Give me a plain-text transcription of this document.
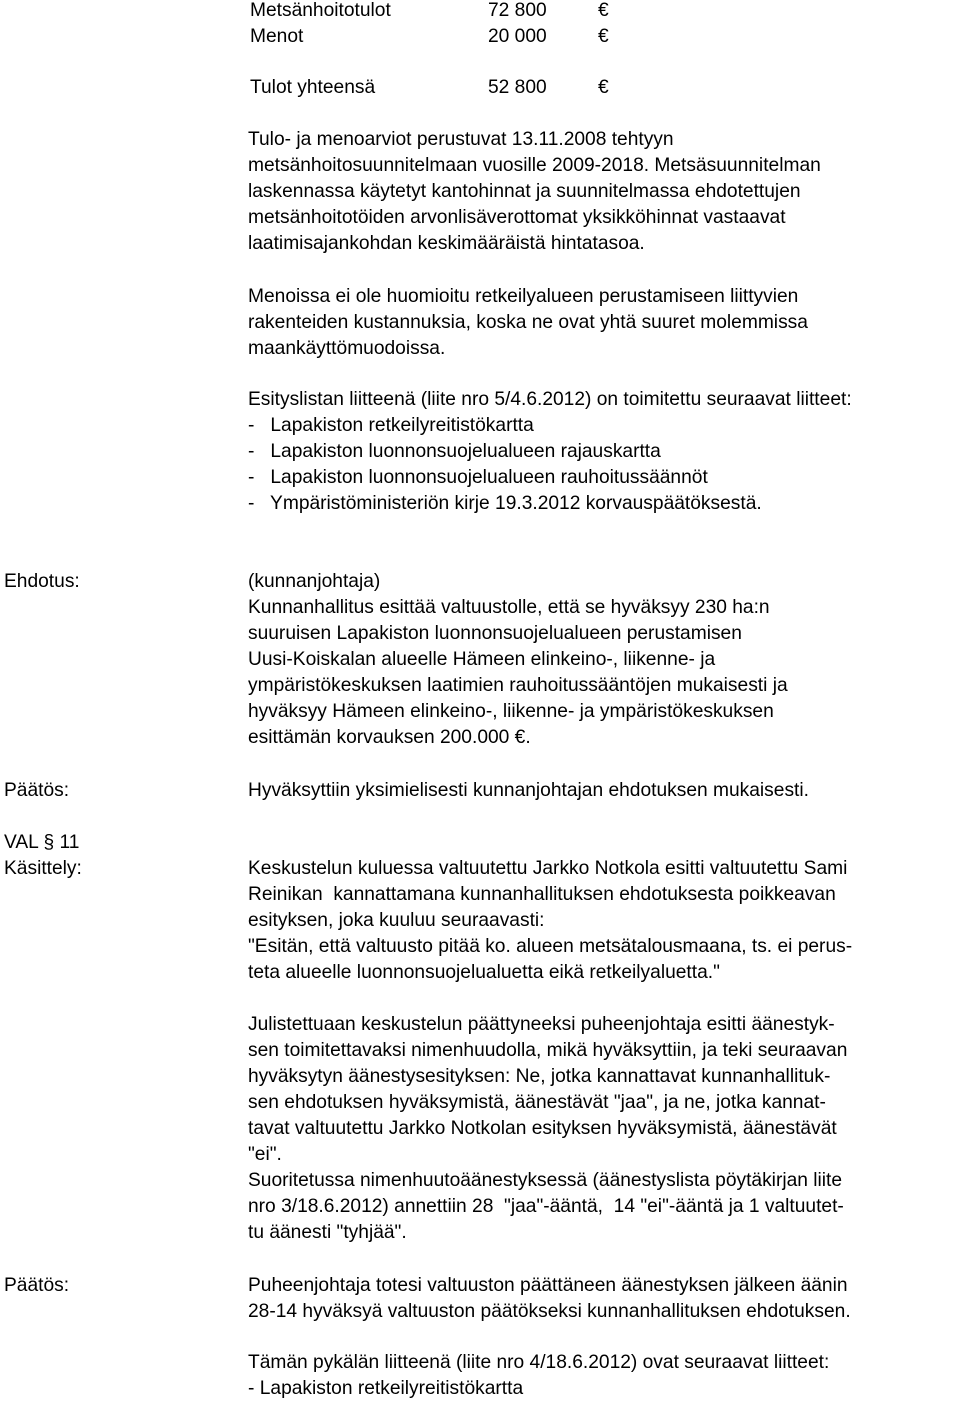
Metsänhoitotulot	72 800	€
Menot	20 000	€
Tulot yhteensä	52 800	€
Tulo- ja menoarviot perustuvat 13.11.2008 tehtyyn
metsänhoitosuunnitelmaan vuosille 2009-2018. Metsäsuunnitelman
laskennassa käytetyt kantohinnat ja suunnitelmassa ehdotettujen
metsänhoitotöiden arvonlisäverottomat yksikköhinnat vastaavat
laatimisajankohdan keskimääräistä hintatasoa.
Menoissa ei ole huomioitu retkeilyalueen perustamiseen liittyvien
rakenteiden kustannuksia, koska ne ovat yhtä suuret molemmissa
maankäyttömuodoissa.
Esityslistan liitteenä (liite nro 5/4.6.2012) on toimitettu seuraavat liitteet:
-   Lapakiston retkeilyreitistökartta
-   Lapakiston luonnonsuojelualueen rajauskartta
-   Lapakiston luonnonsuojelualueen rauhoitussäännöt
-   Ympäristöministeriön kirje 19.3.2012 korvauspäätöksestä.
Ehdotus:	(kunnanjohtaja)
Kunnanhallitus esittää valtuustolle, että se hyväksyy 230 ha:n
suuruisen Lapakiston luonnonsuojelualueen perustamisen
Uusi-Koiskalan alueelle Hämeen elinkeino-, liikenne- ja
ympäristökeskuksen laatimien rauhoitussääntöjen mukaisesti ja
hyväksyy Hämeen elinkeino-, liikenne- ja ympäristökeskuksen
esittämän korvauksen 200.000 €.
Päätös:	Hyväksyttiin yksimielisesti kunnanjohtajan ehdotuksen mukaisesti.
VAL § 11
Käsittely:	Keskustelun kuluessa valtuutettu Jarkko Notkola esitti valtuutettu Sami
Reinikan  kannattamana kunnanhallituksen ehdotuksesta poikkeavan
esityksen, joka kuuluu seuraavasti:
"Esitän, että valtuusto pitää ko. alueen metsätalousmaana, ts. ei perus-
teta alueelle luonnonsuojelualuetta eikä retkeilyaluetta."
Julistettuaan keskustelun päättyneeksi puheenjohtaja esitti äänestyk-
sen toimitettavaksi nimenhuudolla, mikä hyväksyttiin, ja teki seuraavan
hyväksytyn äänestysesityksen: Ne, jotka kannattavat kunnanhallituk-
sen ehdotuksen hyväksymistä, äänestävät "jaa", ja ne, jotka kannat-
tavat valtuutettu Jarkko Notkolan esityksen hyväksymistä, äänestävät
"ei".
Suoritetussa nimenhuutoäänestyksessä (äänestyslista pöytäkirjan liite
nro 3/18.6.2012) annettiin 28  "jaa"-ääntä,  14 "ei"-ääntä ja 1 valtuutet-
tu äänesti "tyhjää".
Päätös:	Puheenjohtaja totesi valtuuston päättäneen äänestyksen jälkeen äänin
28-14 hyväksyä valtuuston päätökseksi kunnanhallituksen ehdotuksen.
Tämän pykälän liitteenä (liite nro 4/18.6.2012) ovat seuraavat liitteet:
- Lapakiston retkeilyreitistökartta
